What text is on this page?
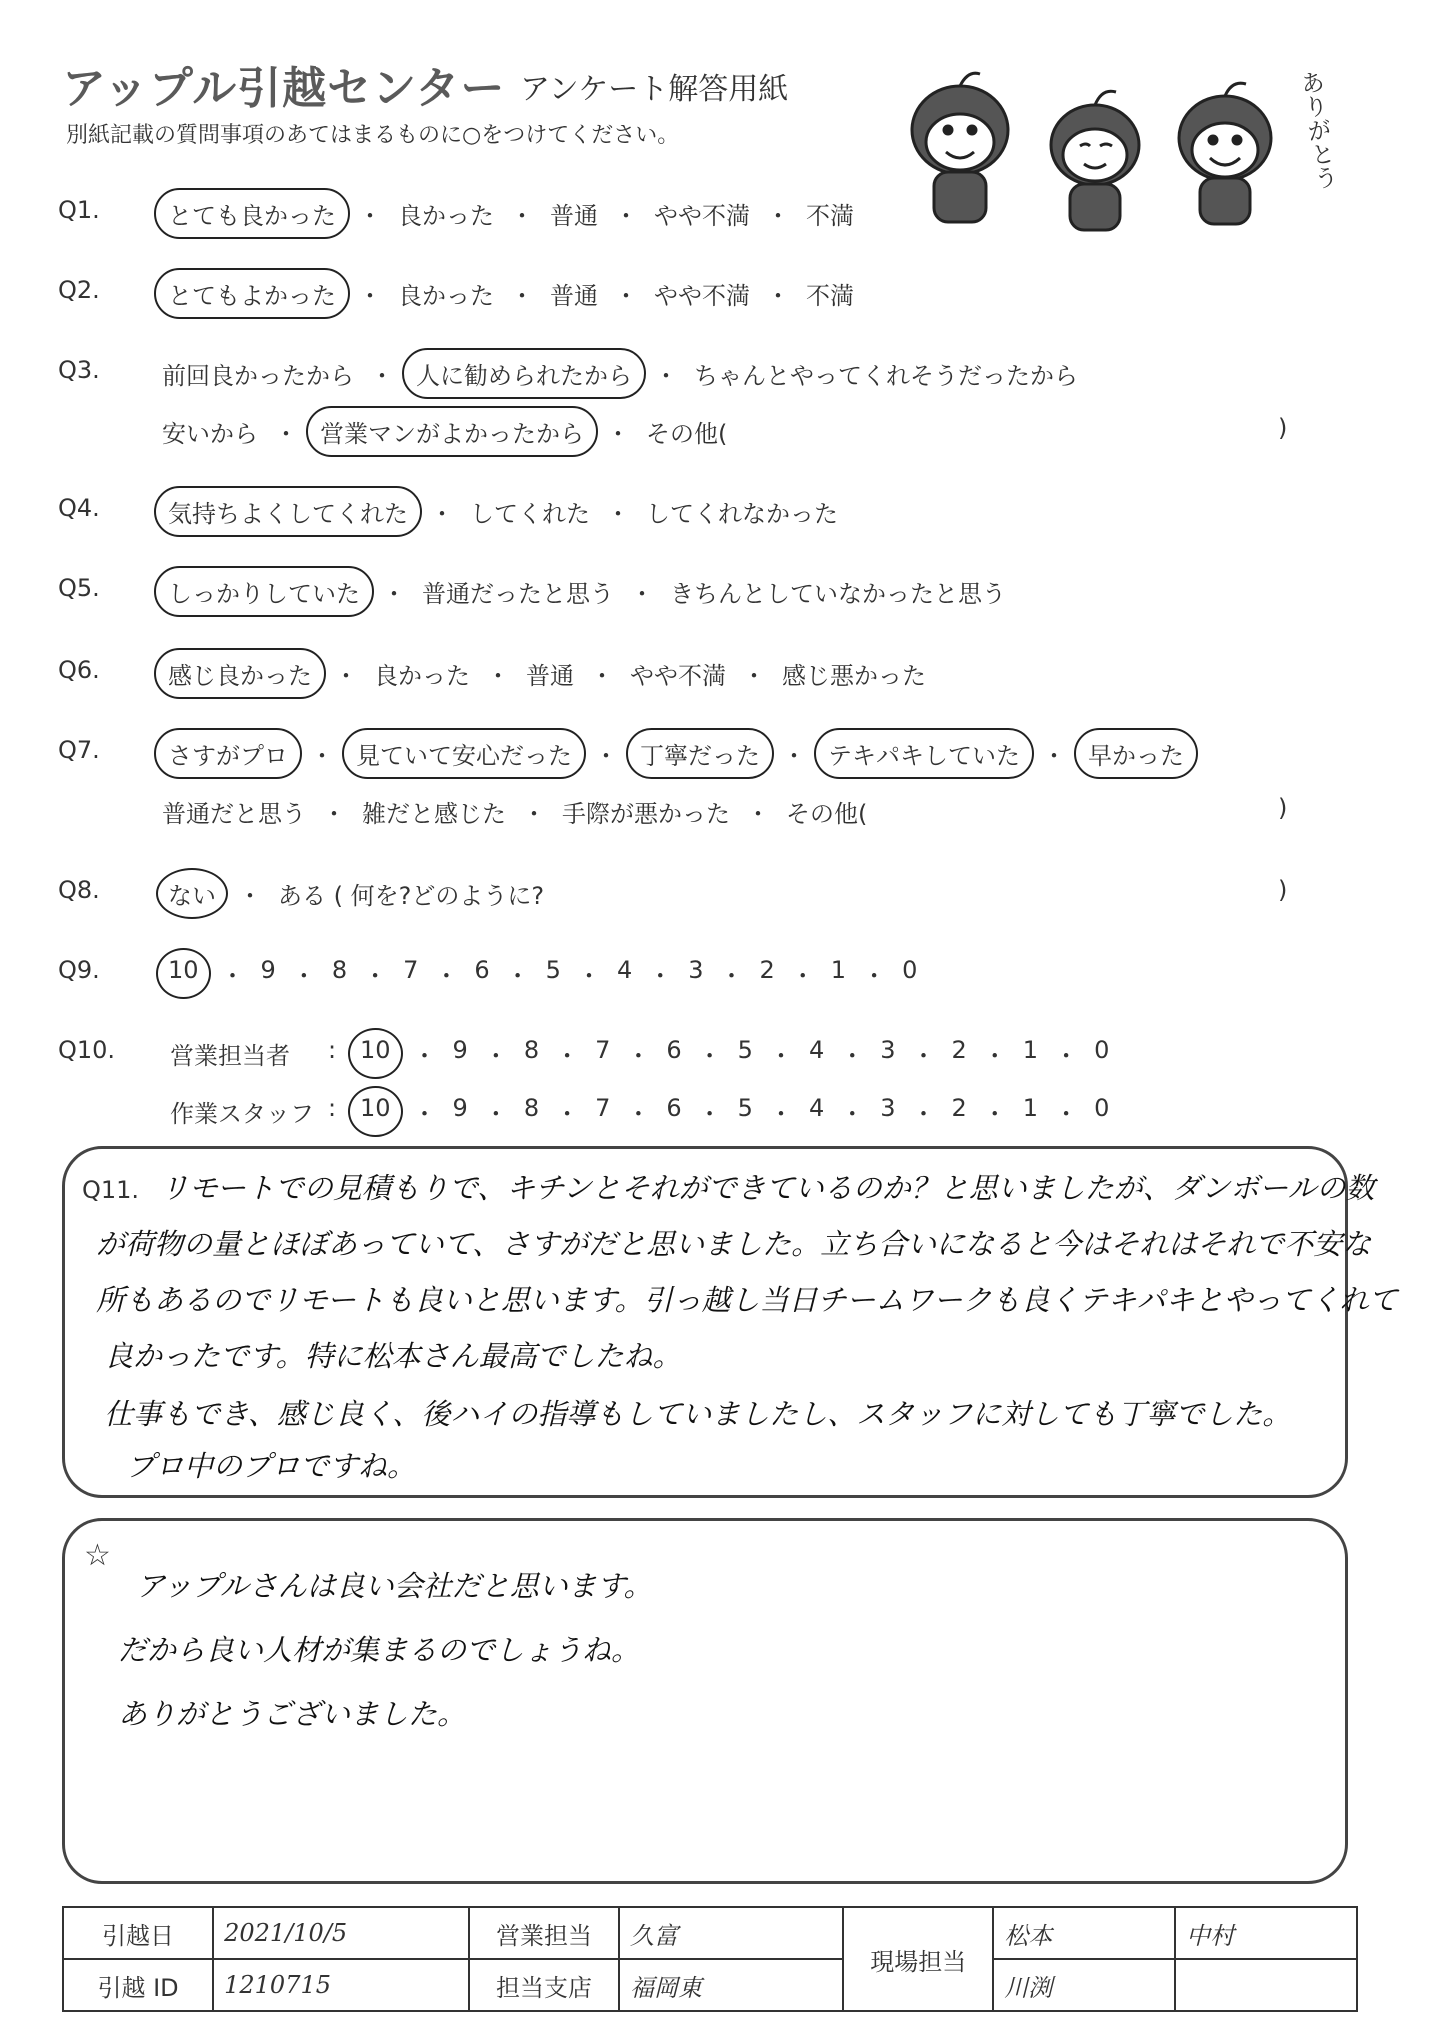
アップル引越センター アンケート解答用紙
別紙記載の質問事項のあてはまるものに○をつけてください。	ありがとう
Q1.	とても良かった ・ 良かった ・ 普通 ・ やや不満 ・ 不満
Q2.	とてもよかった ・ 良かった ・ 普通 ・ やや不満 ・ 不満
Q3.	前回良かったから ・ 人に勧められたから ・ ちゃんとやってくれそうだったから
安いから ・ 営業マンがよかったから ・ その他(	)
Q4.	気持ちよくしてくれた ・ してくれた ・ してくれなかった
Q5.	しっかりしていた ・ 普通だったと思う ・ きちんとしていなかったと思う
Q6.	感じ良かった ・ 良かった ・ 普通 ・ やや不満 ・ 感じ悪かった
Q7.	さすがプロ ・ 見ていて安心だった ・ 丁寧だった ・ テキパキしていた ・ 早かった
普通だと思う ・ 雑だと感じた ・ 手際が悪かった ・ その他(	)
Q8.	ない ・ ある ( 何を?どのように?	)
Q9.	10 ・ 9 ・ 8 ・ 7 ・ 6 ・ 5 ・ 4 ・ 3 ・ 2 ・ 1 ・ 0
Q10. 営業担当者 : 10 ・ 9 ・ 8 ・ 7 ・ 6 ・ 5 ・ 4 ・ 3 ・ 2 ・ 1 ・ 0
作業スタッフ : 10 ・ 9 ・ 8 ・ 7 ・ 6 ・ 5 ・ 4 ・ 3 ・ 2 ・ 1 ・ 0
Q11. リモートでの見積もりで、キチンとそれができているのか？と思いましたが、ダンボールの数
が荷物の量とほぼあっていて、さすがだと思いました。立ち合いになると今はそれはそれで不安な
所もあるのでリモートも良いと思います。引っ越し当日チームワークも良くテキパキとやってくれて
良かったです。特に松本さん最高でしたね。
仕事もでき、感じ良く、後ハイの指導もしていましたし、スタッフに対しても丁寧でした。
プロ中のプロですね。
☆
アップルさんは良い会社だと思います。
だから良い人材が集まるのでしょうね。
ありがとうございました。
引越日	2021/10/5	営業担当	久富	現場担当	松本	中村
引越 ID	1210715	担当支店	福岡東		川渕	
